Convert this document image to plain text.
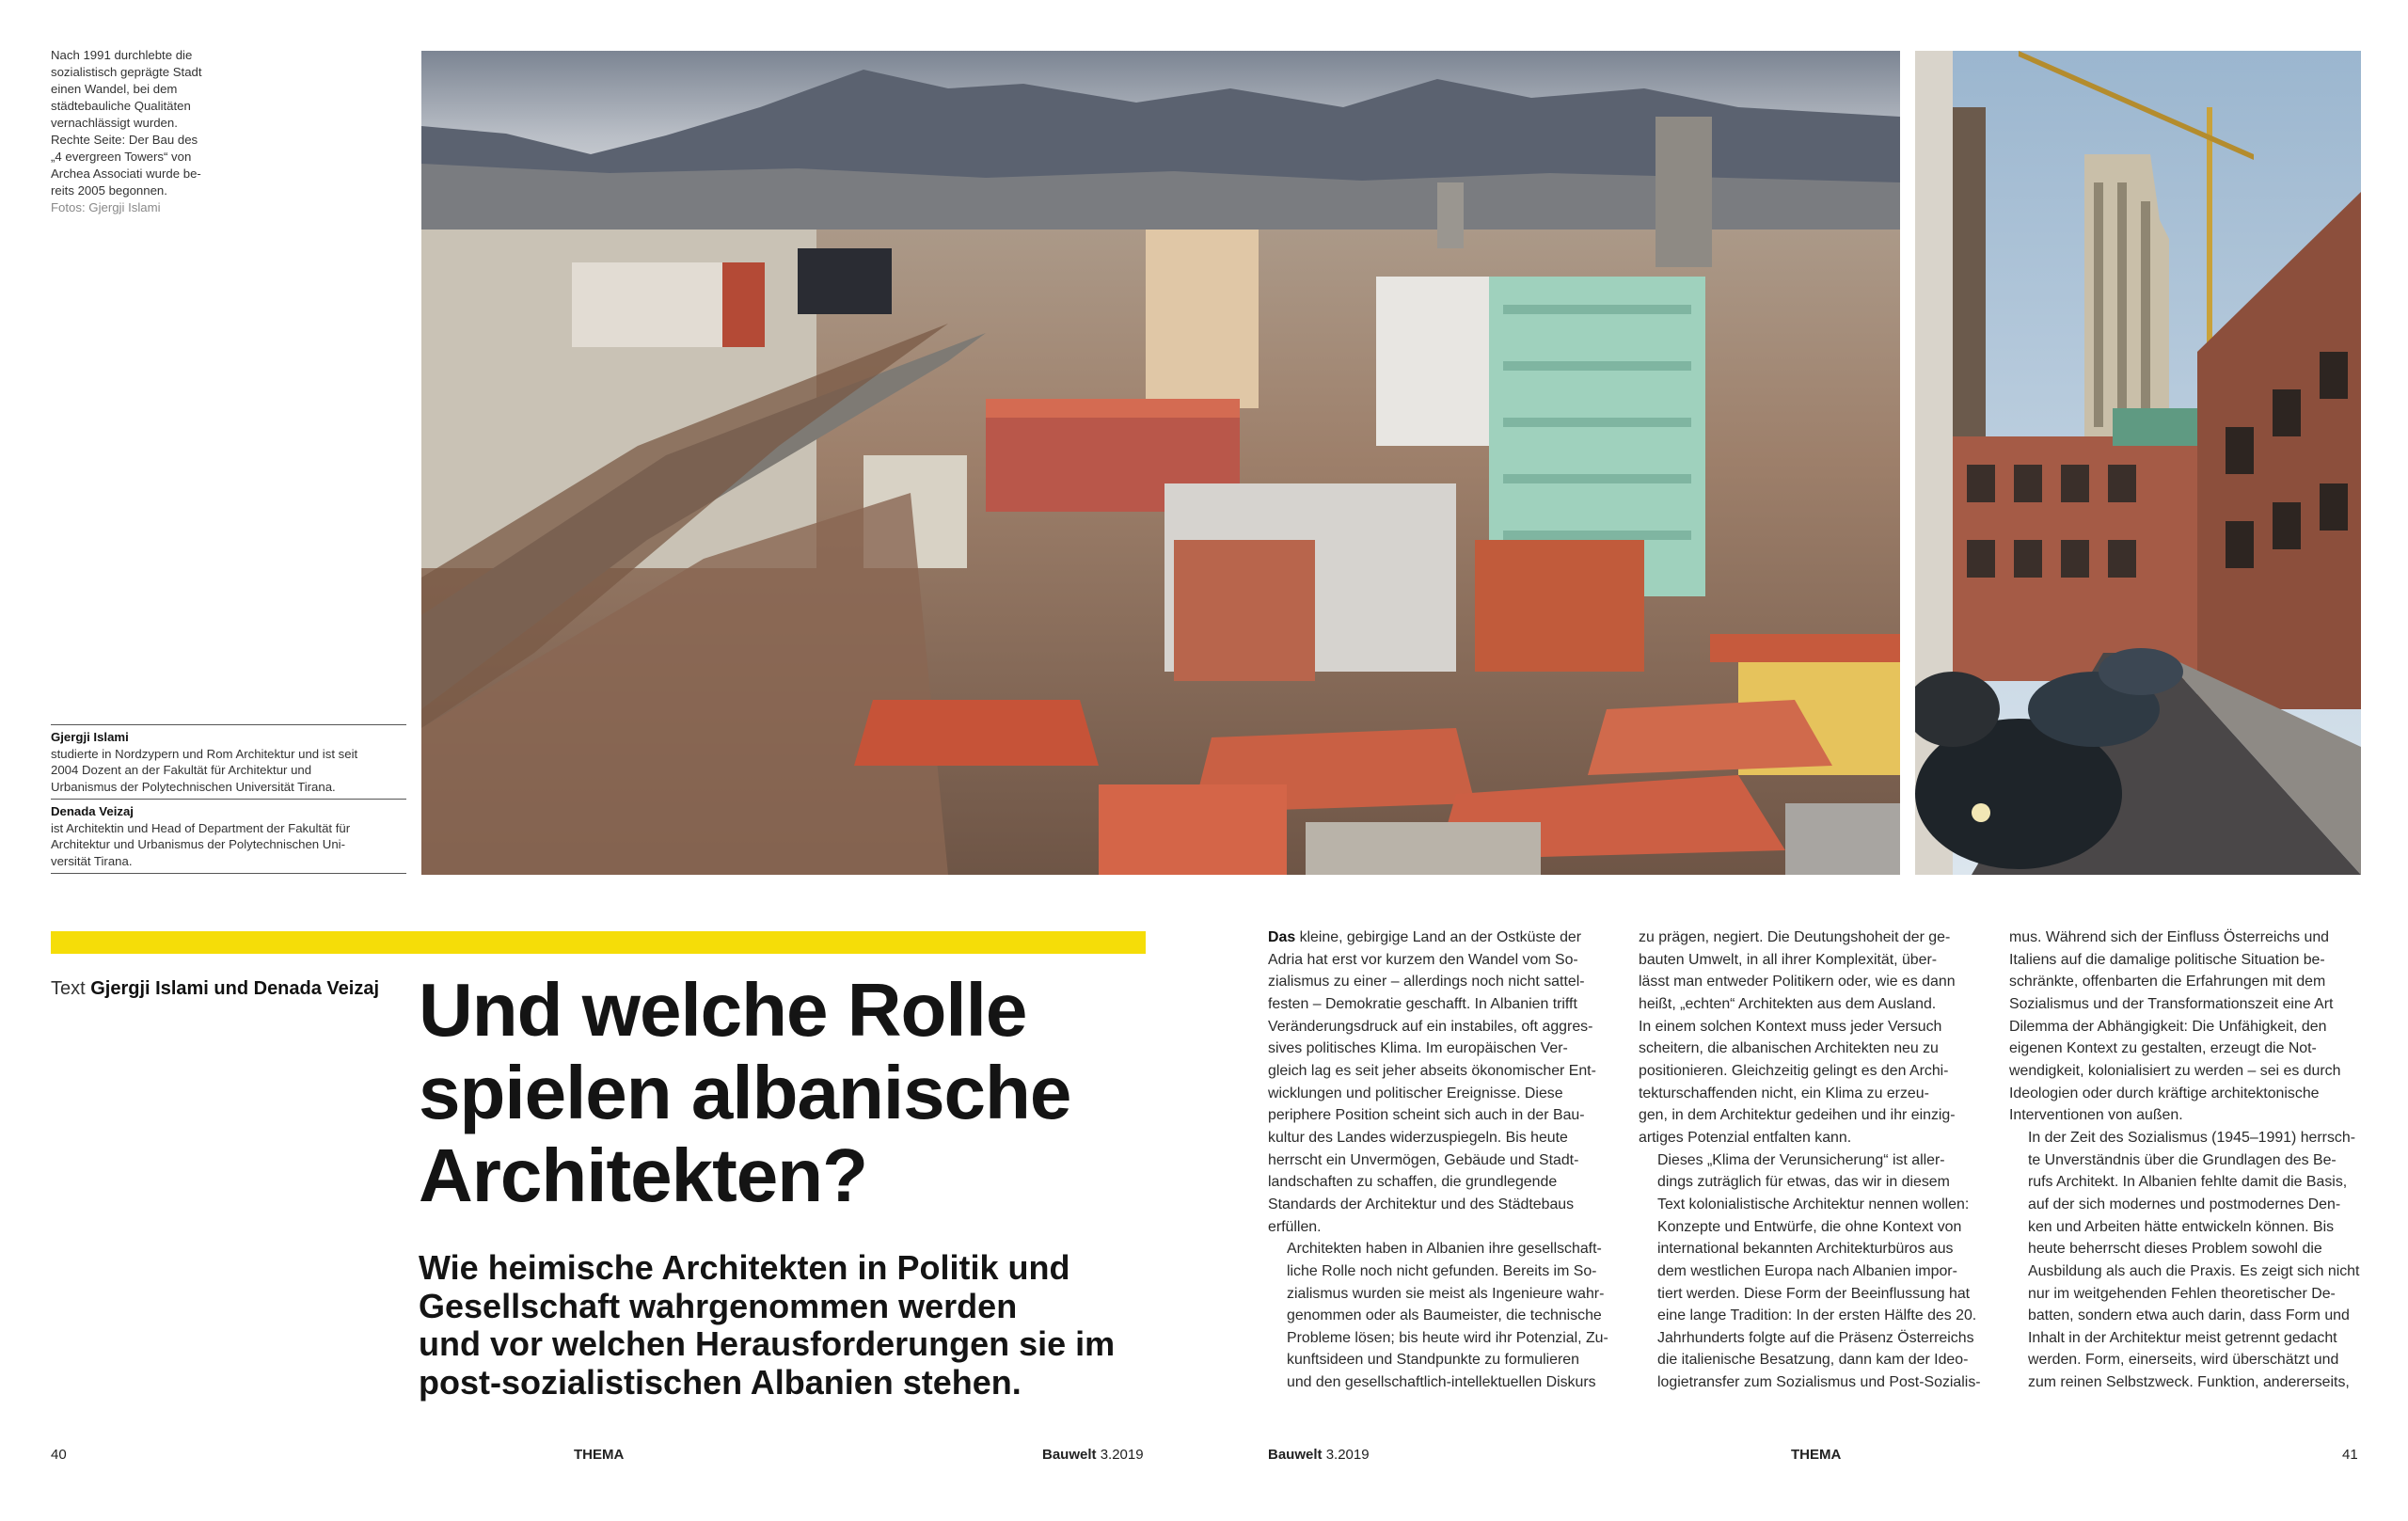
Nach 1991 durchlebte die
sozialistisch geprägte Stadt
einen Wandel, bei dem
städtebauliche Qualitäten
vernachlässigt wurden.
Rechte Seite: Der Bau des
„4 evergreen Towers“ von
Archea Associati wurde be-
reits 2005 begonnen.
Fotos: Gjergji Islami
Gjergji Islami
studierte in Nordzypern und Rom Architektur und ist seit
2004 Dozent an der Fakultät für Architektur und
Urbanismus der Polytechnischen Universität Tirana.
Denada Veizaj
ist Architektin und Head of Department der Fakultät für
Architektur und Urbanismus der Polytechnischen Uni-
versität Tirana.
Text Gjergji Islami und Denada Veizaj Und welche Rolle
spielen albanische
Architekten?
Wie heimische Architekten in Politik und
Gesellschaft wahrgenommen werden
und vor welchen Herausforderungen sie im
post-sozialistischen Albanien stehen.

Das kleine, gebirgige Land an der Ostküste der
Adria hat erst vor kurzem den Wandel vom So-
zialismus zu einer – allerdings noch nicht sattel-
festen – Demokratie geschafft. In Albanien trifft
Veränderungsdruck auf ein instabiles, oft aggres-
sives politisches Klima. Im europäischen Ver-
gleich lag es seit jeher abseits ökonomischer Ent-
wicklungen und politischer Ereignisse. Diese
periphere Position scheint sich auch in der Bau-
kultur des Landes widerzuspiegeln. Bis heute
herrscht ein Unvermögen, Gebäude und Stadt-
landschaften zu schaffen, die grundlegende
Standards der Architektur und des Städtebaus
erfüllen.

Architekten haben in Albanien ihre gesellschaft-
liche Rolle noch nicht gefunden. Bereits im So-
zialismus wurden sie meist als Ingenieure wahr-
genommen oder als Baumeister, die technische
Probleme lösen; bis heute wird ihr Potenzial, Zu-
kunftsideen und Standpunkte zu formulieren
und den gesellschaftlich-intellektuellen Diskurs

zu prägen, negiert. Die Deutungshoheit der ge-
bauten Umwelt, in all ihrer Komplexität, über-
lässt man entweder Politikern oder, wie es dann
heißt, „echten“ Architekten aus dem Ausland.
In einem solchen Kontext muss jeder Versuch
scheitern, die albanischen Architekten neu zu
positionieren. Gleichzeitig gelingt es den Archi-
tekturschaffenden nicht, ein Klima zu erzeu-
gen, in dem Architektur gedeihen und ihr einzig-
artiges Potenzial entfalten kann.

Dieses „Klima der Verunsicherung“ ist aller-
dings zuträglich für etwas, das wir in diesem
Text kolonialistische Architektur nennen wollen:
Konzepte und Entwürfe, die ohne Kontext von
international bekannten Architekturbüros aus
dem westlichen Europa nach Albanien impor-
tiert werden. Diese Form der Beeinflussung hat
eine lange Tradition: In der ersten Hälfte des 20.
Jahrhunderts folgte auf die Präsenz Österreichs
die italienische Besatzung, dann kam der Ideo-
logietransfer zum Sozialismus und Post-Sozialis-

mus. Während sich der Einfluss Österreichs und
Italiens auf die damalige politische Situation be-
schränkte, offenbarten die Erfahrungen mit dem
Sozialismus und der Transformationszeit eine Art
Dilemma der Abhängigkeit: Die Unfähigkeit, den
eigenen Kontext zu gestalten, erzeugt die Not-
wendigkeit, kolonialisiert zu werden – sei es durch
Ideologien oder durch kräftige architektonische
Interventionen von außen.

In der Zeit des Sozialismus (1945–1991) herrsch-
te Unverständnis über die Grundlagen des Be-
rufs Architekt. In Albanien fehlte damit die Basis,
auf der sich modernes und postmodernes Den-
ken und Arbeiten hätte entwickeln können. Bis
heute beherrscht dieses Problem sowohl die
Ausbildung als auch die Praxis. Es zeigt sich nicht
nur im weitgehenden Fehlen theoretischer De-
batten, sondern etwa auch darin, dass Form und
Inhalt in der Architektur meist getrennt gedacht
werden. Form, einerseits, wird überschätzt und
zum reinen Selbstzweck. Funktion, andererseits,

40	THEMA	Bauwelt 3.2019	Bauwelt 3.2019	THEMA	41
